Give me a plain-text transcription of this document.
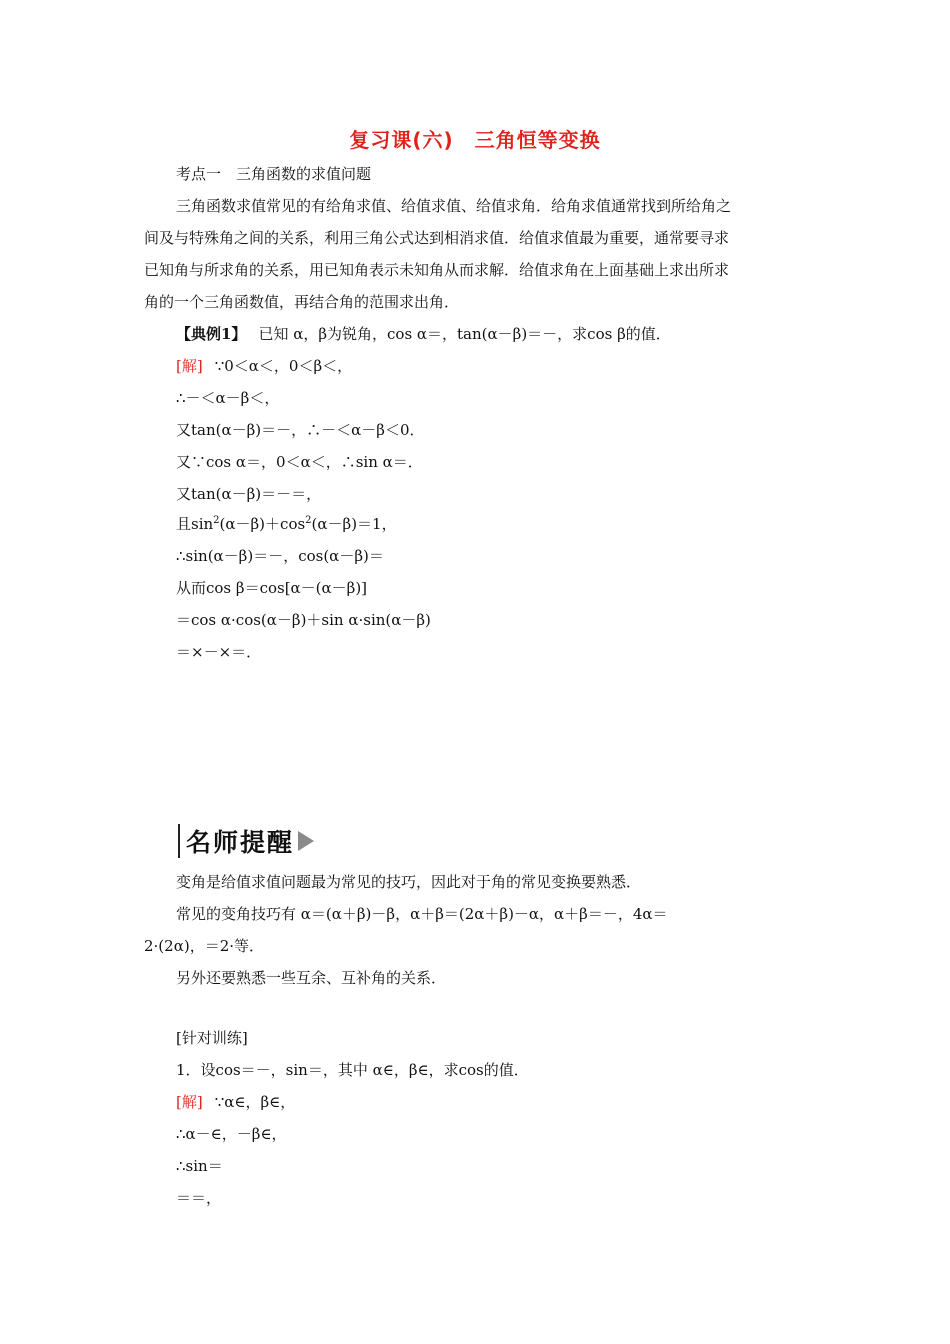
复习课(六)　三角恒等变换
考点一　三角函数的求值问题
三角函数求值常见的有给角求值、给值求值、给值求角．给角求值通常找到所给角之
间及与特殊角之间的关系，利用三角公式达到相消求值．给值求值最为重要，通常要寻求
已知角与所求角的关系，用已知角表示未知角从而求解．给值求角在上面基础上求出所求
角的一个三角函数值，再结合角的范围求出角．
【典例1】 已知 α，β为锐角，cos α＝，tan(α－β)＝－，求cos β的值．
[解] ∵0＜α＜，0＜β＜，
∴－＜α－β＜，
又tan(α－β)＝－，∴－＜α－β＜0．
又∵cos α＝，0＜α＜，∴sin α＝．
又tan(α－β)＝－＝，
且$\sin^2(\alpha-\beta)+\cos^2(\alpha-\beta)=1$，
∴sin(α－β)＝－，cos(α－β)＝
从而cos β＝cos[α－(α－β)]
＝cos α·cos(α－β)＋sin α·sin(α－β)
＝×－×＝．
名师提醒
变角是给值求值问题最为常见的技巧，因此对于角的常见变换要熟悉．
常见的变角技巧有 α＝(α＋β)－β，α＋β＝(2α＋β)－α，α＋β＝－，4α＝
2·(2α)，＝2·等．
另外还要熟悉一些互余、互补角的关系．
[针对训练]
1．设cos＝－，sin＝，其中 α∈，β∈，求cos的值．
[解] ∵α∈，β∈，
∴α－∈，－β∈，
∴sin＝
＝＝，
